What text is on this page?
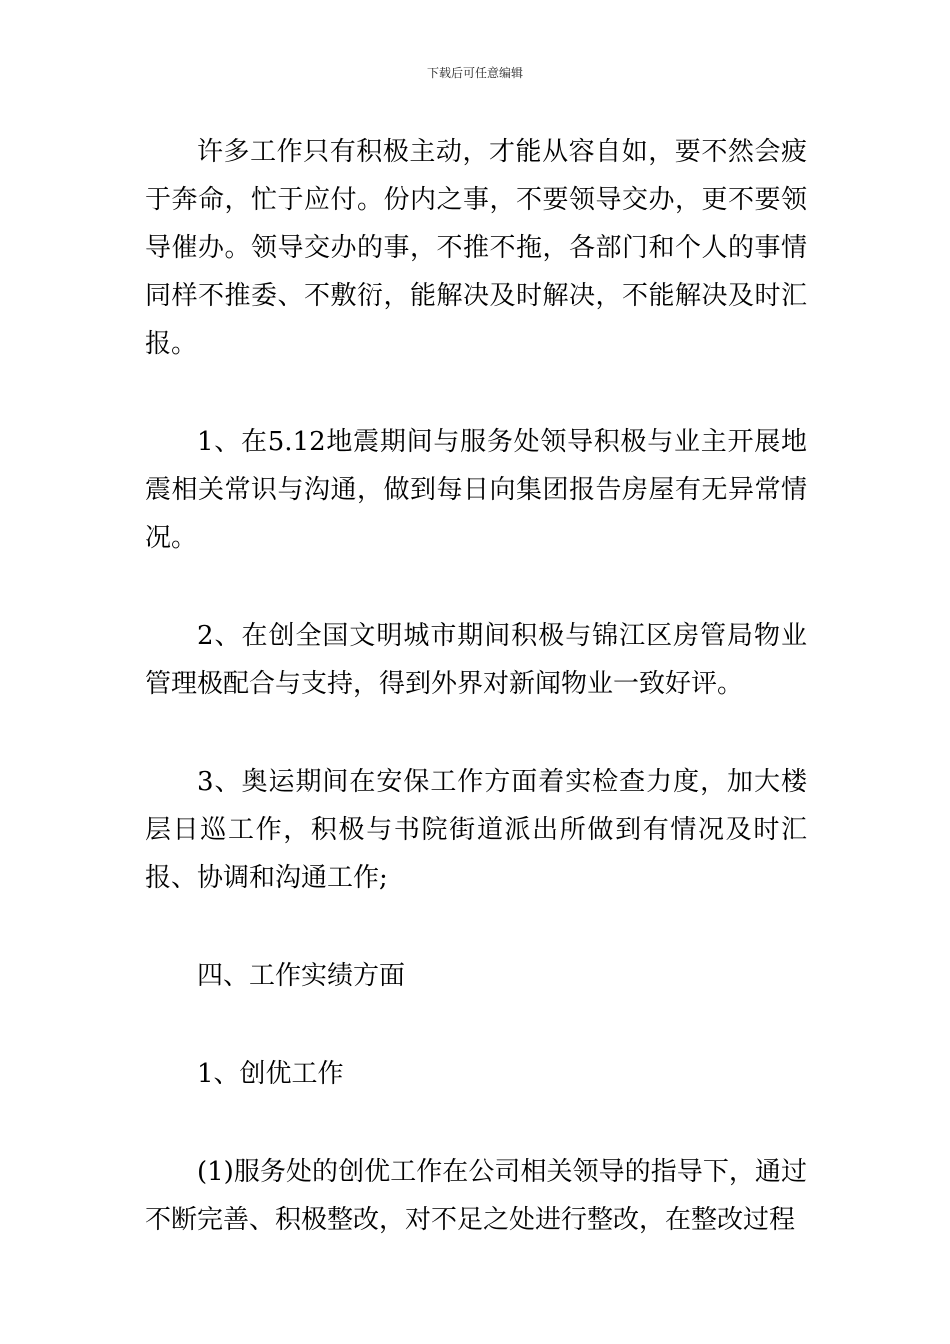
下载后可任意编辑

许多工作只有积极主动，才能从容自如，要不然会疲于奔命，忙于应付。份内之事，不要领导交办，更不要领导催办。领导交办的事，不推不拖，各部门和个人的事情同样不推委、不敷衍，能解决及时解决，不能解决及时汇报。

1、在5.12地震期间与服务处领导积极与业主开展地震相关常识与沟通，做到每日向集团报告房屋有无异常情况。

2、在创全国文明城市期间积极与锦江区房管局物业管理极配合与支持，得到外界对新闻物业一致好评。

3、奥运期间在安保工作方面着实检查力度，加大楼层日巡工作，积极与书院街道派出所做到有情况及时汇报、协调和沟通工作;

四、工作实绩方面

1、创优工作

(1)服务处的创优工作在公司相关领导的指导下，通过不断完善、积极整改，对不足之处进行整改，在整改过程
